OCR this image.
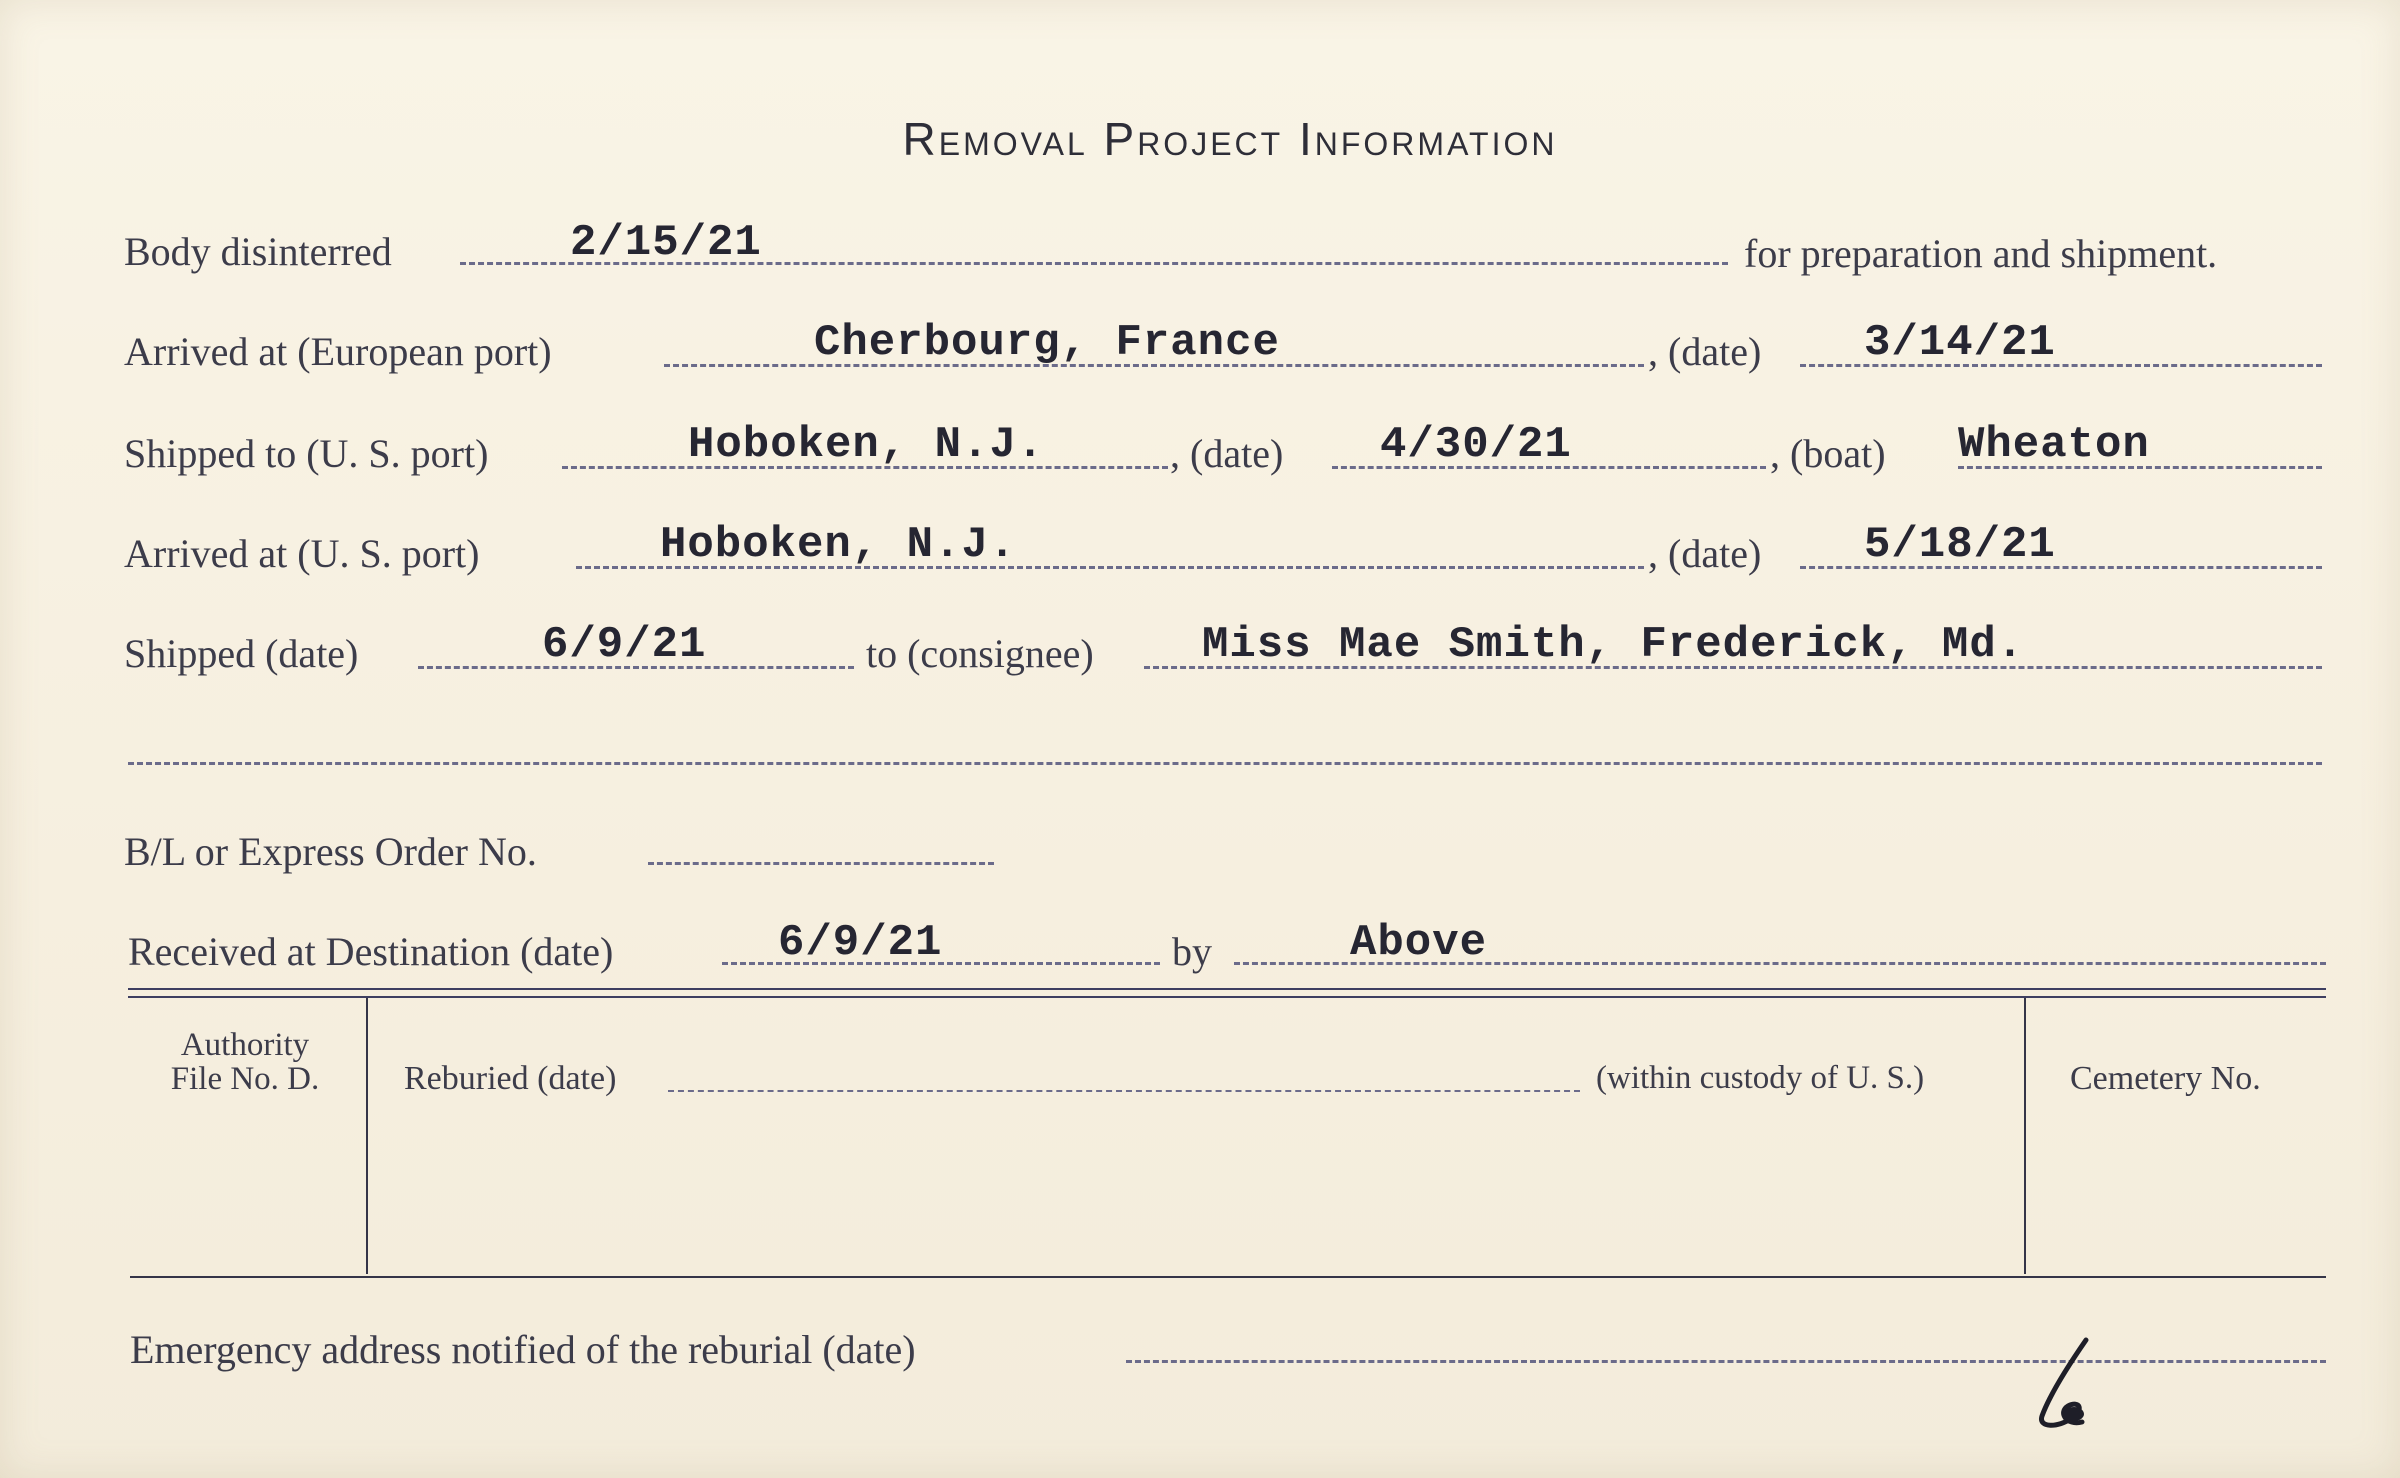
Removal Project Information
Body disinterred	2/15/21	for preparation and shipment.
Arrived at (European port)	Cherbourg, France	, (date) 3/14/21
Shipped to (U. S. port)	Hoboken, N.J.	, (date) 4/30/21	, (boat) Wheaton
Arrived at (U. S. port)	Hoboken, N.J.	, (date) 5/18/21
Shipped (date)	6/9/21	to (consignee) Miss Mae Smith, Frederick, Md.
B/L or Express Order No.
Received at Destination (date)	6/9/21	by	Above
Authority
File No. D.	Reburied (date)	(within custody of U. S.)	Cemetery No.
Emergency address notified of the reburial (date)
